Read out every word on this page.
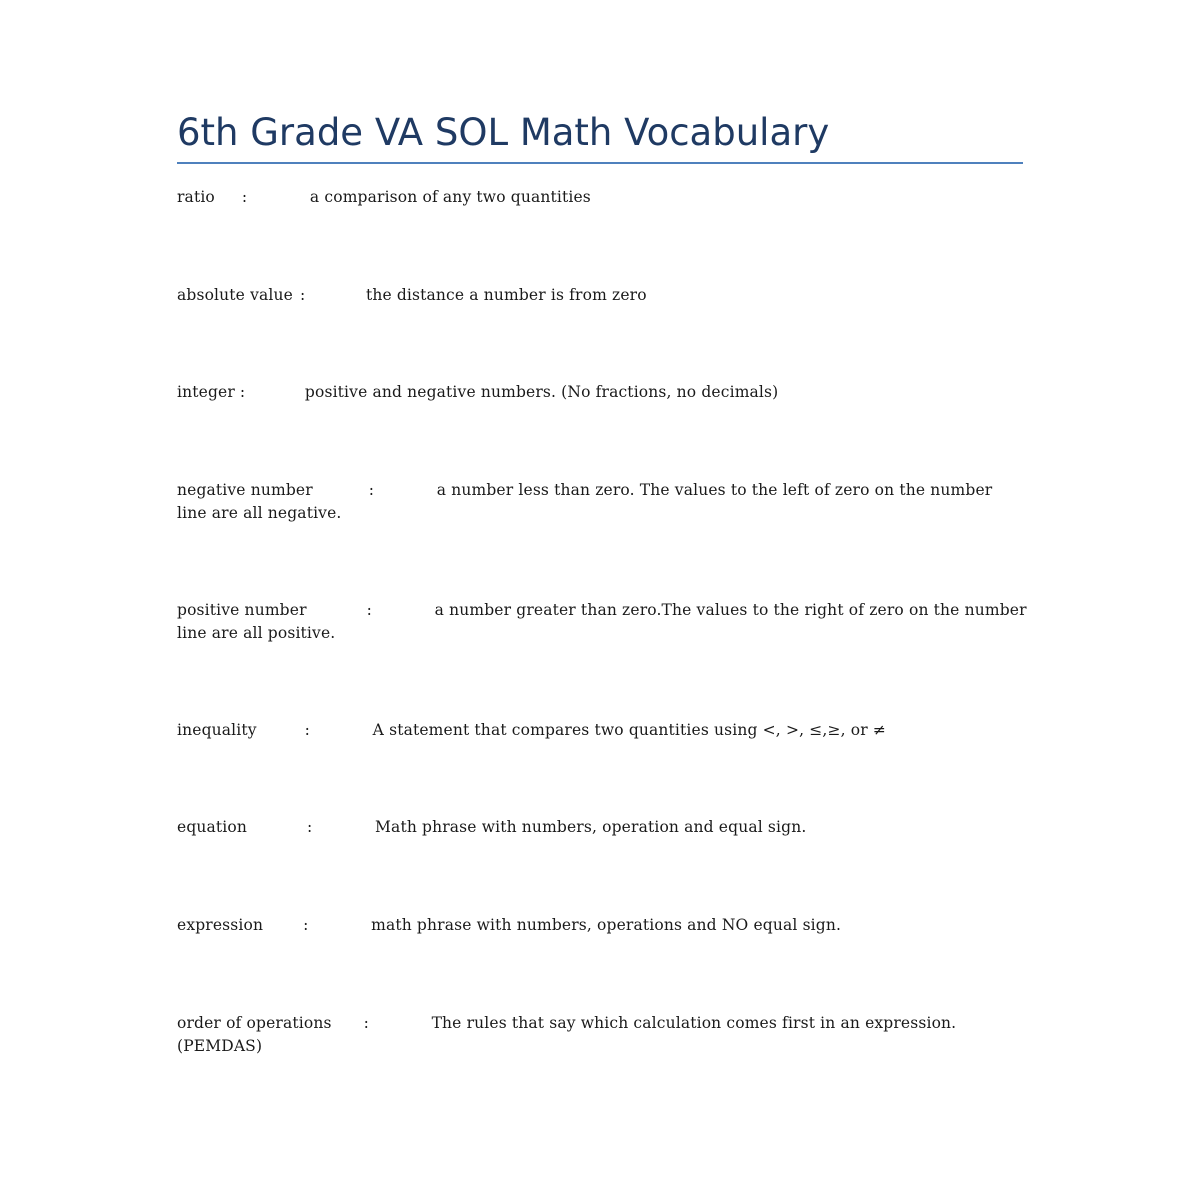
6th Grade VA SOL Math Vocabulary
ratio :	a comparison of any two quantities
absolute value :	the distance a number is from zero
integer :	positive and negative numbers. (No fractions, no decimals)
negative number	:	a number less than zero. The values to the left of zero on the number line are all negative.
positive number	:	a number greater than zero.The values to the right of zero on the number line are all positive.
inequality	:	A statement that compares two quantities using <, >, ≤,≥, or ≠
equation	:	Math phrase with numbers, operation and equal sign.
expression	:	math phrase with numbers, operations and NO equal sign.
order of operations :	The rules that say which calculation comes first in an expression. (PEMDAS)
